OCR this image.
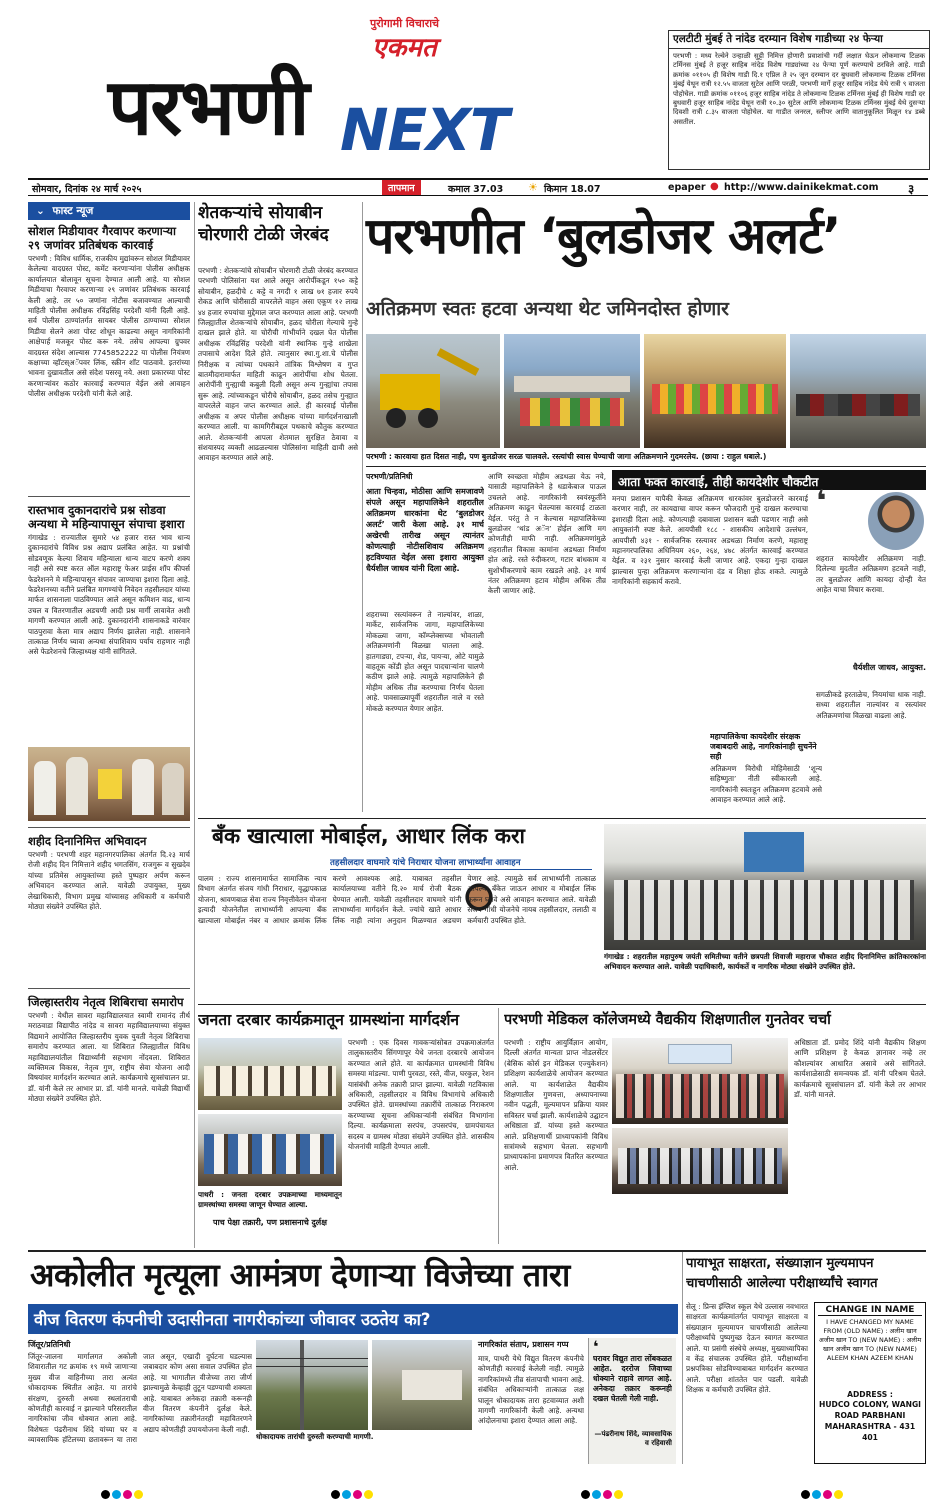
पुरोगामी विचाराचे
एकमत
परभणी NEXT
एलटीटी मुंबई ते नांदेड दरम्यान विशेष गाडीच्या २४ फेऱ्या
परभणी : मध्य रेल्वेने उन्हाळी सुट्टी निमित्त होणारी प्रवाशांची गर्दी लक्षात घेऊन लोकमान्य टिळक टर्मिनस मुंबई ते हजूर साहिब नांदेड विशेष गाड्यांच्या २४ फेऱ्या पूर्ण करण्याचे ठरविले आहे. गाडी क्रमांक ०११०५ ही विशेष गाडी दि.१ एप्रिल ते २५ जून दरम्यान दर बुधवारी लोकमान्य टिळक टर्मिनस मुंबई येथून रात्री १२.५५ वाजता सुटेल आणि परळी, परभणी मार्गे हजूर साहिब नांदेड येथे रात्री ९ वाजता पोहोचेल. गाडी क्रमांक ०११०६ हजूर साहिब नांदेड ते लोकमान्य टिळक टर्मिनस मुंबई ही विशेष गाडी दर बुधवारी हजूर साहिब नांदेड येथून रात्री १०.३० सुटेल आणि लोकमान्य टिळक टर्मिनस मुंबई येथे दुसऱ्या दिवशी रात्री ८.३५ वाजता पोहोचेल. या गाडीत जनरल, स्लीपर आणि वातानुकूलित मिळून १४ डब्बे असतील.
सोमवार, दिनांक २४ मार्च २०२५	तापमान	कमाल 37.03 ☀ किमान 18.07	epaper ● http://www.dainikekmat.com ३
⌄ फास्ट न्यूज
सोशल मिडीयावर गैरवापर करणाऱ्या २९ जणांवर प्रतिबंधक कारवाई
परभणी : विविध धार्मिक, राजकीय मुद्यांवरून सोशल मिडीयावर केलेल्या वादग्रस्त पोस्ट, कमेंट करणाऱ्यांना पोलीस अधीक्षक कार्यालयात बोलावून सूचना देण्यात आली आहे. या सोशल मिडीयाचा गैरवापर करणाऱ्या २९ जणांवर प्रतिबंधक कारवाई केली आहे. तर ५० जणांना नोटीस बजावण्यात आल्याची माहिती पोलीस अधीक्षक रविंद्रसिंह परदेशी यांनी दिली आहे. सर्व पोलीस ठाण्यांतर्गत सायबर पोलीस ठाण्याच्या सोशल मिडीया सेलने अशा पोस्ट शोधून काढल्या असून नागरिकांनी आक्षेपार्ह मजकूर पोस्ट करू नये. तसेच आपल्या ग्रुपवर वादग्रस्त संदेश आल्यास 7745852222 या पोलीस नियंत्रण कक्षाच्या व्हॉटस्अॅपवर लिंक, स्क्रीन शॉट पाठवावे. इतरांच्या भावना दुखावतील असे संदेश पसरवू नये. अशा प्रकारच्या पोस्ट करणाऱ्यांवर कठोर कारवाई करण्यात येईल असे आवाहन पोलीस अधीक्षक परदेशी यांनी केले आहे.
रास्तभाव दुकानदारांचे प्रश्न सोडवा अन्यथा मे महिन्यापासून संपाचा इशारा
गंगाखेड : राज्यातील सुमारे ५४ हजार रास्त भाव धान्य दुकानदारांचे विविध प्रश्न अद्याप प्रलंबित आहेत. या प्रश्नांची सोडवणूक केल्या शिवाय महिन्याला धान्य वाटप करणे शक्य नाही असे स्पष्ट करत ऑल महाराष्ट्र फेअर प्राईस शॉप कीपर्स फेडरेशनने मे महिन्यापासून संपावर जाण्याचा इशारा दिला आहे. फेडरेशनच्या वतीने प्रलंबित मागण्यांचे निवेदन तहसीलदार यांच्या मार्फत शासनाला पाठविण्यात आले असून कमिशन वाढ, धान्य उचल व वितरणातील अडचणी आदी प्रश्न मार्गी लावावेत अशी मागणी करण्यात आली आहे. दुकानदारांनी शासनाकडे वारंवार पाठपुरावा केला मात्र अद्याप निर्णय झालेला नाही. शासनाने तात्काळ निर्णय घ्यावा अन्यथा संपाशिवाय पर्याय राहणार नाही असे फेडरेशनचे जिल्हाध्यक्ष यांनी सांगितले.
शहीद दिनानिमित्त अभिवादन
परभणी : परभणी शहर महानगरपालिका अंतर्गत दि.२३ मार्च रोजी शहीद दिन निमित्ताने शहीद भगतसिंग, राजगुरू व सुखदेव यांच्या प्रतिमेस आयुक्तांच्या हस्ते पुष्पहार अर्पण करून अभिवादन करण्यात आले. यावेळी उपायुक्त, मुख्य लेखाधिकारी, विभाग प्रमुख यांच्यासह अधिकारी व कर्मचारी मोठ्या संख्येने उपस्थित होते.
जिल्हास्तरीय नेतृत्व शिबिराचा समारोप
परभणी : येथील सावरा महाविद्यालयात स्वामी रामानंद तीर्थ मराठवाडा विद्यापीठ नांदेड व सावरा महाविद्यालयाच्या संयुक्त विद्यमाने आयोजित जिल्हास्तरीय युवक युवती नेतृत्व शिबिराचा समारोप करण्यात आला. या शिबिरात जिल्ह्यातील विविध महाविद्यालयांतील विद्यार्थ्यांनी सहभाग नोंदवला. शिबिरात व्यक्तिमत्व विकास, नेतृत्व गुण, राष्ट्रीय सेवा योजना आदी विषयांवर मार्गदर्शन करण्यात आले. कार्यक्रमाचे सूत्रसंचालन प्रा. डॉ. यांनी केले तर आभार प्रा. डॉ. यांनी मानले. यावेळी विद्यार्थी मोठ्या संख्येने उपस्थित होते.
शेतकऱ्यांचे सोयाबीन चोरणारी टोळी जेरबंद
परभणी : शेतकऱ्यांचे सोयाबीन चोरणारी टोळी जेरबंद करण्यात परभणी पोलिसांना यश आले असून आरोपींकडून १५० कट्टे सोयाबीन, हळदीचे ८ कट्टे व नगदी १ लाख ७१ हजार रुपये रोकड आणि चोरीसाठी वापरलेले वाहन असा एकूण १२ लाख ४४ हजार रुपयांचा मुद्देमाल जप्त करण्यात आला आहे. परभणी जिल्ह्यातील शेतकऱ्यांचे सोयाबीन, हळद चोरीला गेल्याचे गुन्हे दाखल झाले होते. या चोरीची गांभीर्याने दखल घेत पोलीस अधीक्षक रविंद्रसिंह परदेशी यांनी स्थानिक गुन्हे शाखेला तपासाचे आदेश दिले होते. त्यानुसार स्था.गु.शा.चे पोलीस निरीक्षक व त्यांच्या पथकाने तांत्रिक विश्लेषण व गुप्त बातमीदारामार्फत माहिती काढून आरोपींचा शोध घेतला. आरोपींनी गुन्ह्याची कबुली दिली असून अन्य गुन्ह्यांचा तपास सुरू आहे. त्यांच्याकडून चोरीचे सोयाबीन, हळद तसेच गुन्ह्यात वापरलेले वाहन जप्त करण्यात आले. ही कारवाई पोलीस अधीक्षक व अपर पोलीस अधीक्षक यांच्या मार्गदर्शनाखाली करण्यात आली. या कामगिरीबद्दल पथकाचे कौतुक करण्यात आले. शेतकऱ्यांनी आपला शेतमाल सुरक्षित ठेवावा व संशयास्पद व्यक्ती आढळल्यास पोलिसांना माहिती द्यावी असे आवाहन करण्यात आले आहे.
परभणीत ‘बुलडोजर अलर्ट’
अतिक्रमण स्वतः हटवा अन्यथा थेट जमिनदोस्त होणार
परभणी : कारवाया हात दिसत नाही, पण बुलडोजर सरळ चालवले. रस्त्यांची स्वास घेण्याची जागा अतिक्रमणाने गुदमरलेय. (छाया : राहुल धबाले.)
परभणी/प्रतिनिधी
आता चिन्हवा, मोठीसा आणि समजावणे संपले असून महापालिकेने शहरातील अतिक्रमण धारकांना थेट ‘बुलडोजर अलर्ट’ जारी केला आहे. ३१ मार्च अखेरची तारीख असून त्यानंतर कोणत्याही नोटीसशिवाय अतिक्रमण हटविण्यात येईल असा इशारा आयुक्त धैर्यशील जाधव यांनी दिला आहे.
शहराच्या रस्त्यांवरून ते नाल्यांवर, शाळा, मार्केट, सार्वजनिक जागा, महापालिकेच्या मोकळ्या जागा, कॉम्प्लेक्सच्या भोवताली अतिक्रमणांनी विळखा घातला आहे. हातगाड्या, टपऱ्या, शेड, पायऱ्या, ओटे यामुळे वाहतूक कोंडी होत असून पादचाऱ्यांना चालणे कठीण झाले आहे. त्यामुळे महापालिकेने ही मोहीम अधिक तीव्र करण्याचा निर्णय घेतला आहे. पावसाळ्यापूर्वी शहरातील नाले व रस्ते मोकळे करण्यात येणार आहेत.
आणि स्वच्छता मोहीम अडथळा येऊ नये, यासाठी महापालिकेने हे धडाकेबाज पाऊल उचलले आहे. नागरिकांनी स्वयंस्फूर्तीने अतिक्रमण काढून घेतल्यास कारवाई टाळता येईल. परंतु ते न केल्यास महापालिकेच्या बुलडोजर ‘थांड अॅन’ होईल आणि मग कोणतीही माफी नाही. अतिक्रमणांमुळे शहरातील विकास कामांना अडथळा निर्माण होत आहे. रस्ते रुंदीकरण, गटार बांधकाम व सुशोभीकरणाचे काम रखडले आहे. ३१ मार्च नंतर अतिक्रमण हटाव मोहीम अधिक तीव्र केली जाणार आहे.
आता फक्त कारवाई, तीही कायदेशीर चौकटीत
मनपा प्रशासन यापैकी केवळ अतिक्रमण धारकांवर बुलडोजरने कारवाई करणार नाही, तर कायद्याचा वापर करून फौजदारी गुन्हे दाखल करण्याचा इशाराही दिला आहे. कोणत्याही दबावाला प्रशासन बळी पडणार नाही असे आयुक्तांनी स्पष्ट केले. आयपीसी १८८ - शासकीय आदेशाचे उल्लंघन, आयपीसी ४३१ - सार्वजनिक रस्त्यावर अडथळा निर्माण करणे, महाराष्ट्र महानगरपालिका अधिनियम २६०, २६४, ४७८ अंतर्गत कारवाई करण्यात येईल. व २३१ नुसार कारवाई केली जाणार आहे. एकदा गुन्हा दाखल झाल्यास पुन्हा अतिक्रमण करणाऱ्यांना दंड व शिक्षा होऊ शकते. त्यामुळे नागरिकांनी सहकार्य करावे.
❛
शहरात कायदेशीर अतिक्रमण नाही. दिलेल्या मुदतीत अतिक्रमण हटवले नाही, तर बुलडोजर आणि कायदा दोन्ही येत आहेत याचा विचार करावा.
धैर्यशील जाधव, आयुक्त.
सगळीकडे हरताळेच, नियमांचा धाक नाही. सध्या शहरातील नाल्यांवर व रस्त्यांवर अतिक्रमणांचा विळखा वाढला आहे.
महापालिकेचा कायदेशीर संरक्षक जबाबदारी आहे, नागरिकांनाही सुचनेंने सही
अतिक्रमण विरोधी मोहिमेसाठी ‘शून्य सहिष्णुता’ नीती स्वीकारली आहे. नागरिकांनी स्वतःहून अतिक्रमण हटवावे असे आवाहन करण्यात आले आहे.
बँक खात्याला मोबाईल, आधार लिंक करा
तहसीलदार वाघमारे यांचे निराधार योजना लाभार्थ्यांना आवाहन
पालम : राज्य शासनामार्फत सामाजिक न्याय विभाग अंतर्गत संजय गांधी निराधार, वृद्धापकाळ योजना, श्रावणबाळ सेवा राज्य निवृत्तीवेतन योजना इत्यादी योजनेतील लाभार्थ्यांनी आपल्या बँक खात्याला मोबाईल नंबर व आधार क्रमांक लिंक करणे आवश्यक आहे. याबाबत तहसील कार्यालयाच्या वतीने दि.२० मार्च रोजी बैठक घेण्यात आली. यावेळी तहसीलदार वाघमारे यांनी लाभार्थ्यांना मार्गदर्शन केले. ज्यांचे खाते आधार लिंक नाही त्यांना अनुदान मिळण्यात अडचण येणार आहे. त्यामुळे सर्व लाभार्थ्यांनी तात्काळ आपल्या बँकेत जाऊन आधार व मोबाईल लिंक करून घ्यावे असे आवाहन करण्यात आले. यावेळी संजय गांधी योजनेचे नायब तहसीलदार, तलाठी व कर्मचारी उपस्थित होते.
गंगाखेड : शहरातील महापुरुष जयंती समितीच्या वतीने छत्रपती शिवाजी महाराज चौकात शहीद दिनानिमित्त क्रांतिकारकांना अभिवादन करण्यात आले. यावेळी पदाधिकारी, कार्यकर्ते व नागरिक मोठ्या संख्येने उपस्थित होते.
जनता दरबार कार्यक्रमातून ग्रामस्थांना मार्गदर्शन
पाथरी : जनता दरबार उपक्रमाच्या माध्यमातून ग्रामस्थांच्या समस्या जाणून घेण्यात आल्या.
पाच पेक्षा तक्रारी, पण प्रशासनाचे दुर्लक्ष
परभणी : एक दिवस गावकऱ्यांसोबत उपक्रमाअंतर्गत तालुकास्तरीय सिंगणापूर येथे जनता दरबारचे आयोजन करण्यात आले होते. या कार्यक्रमात ग्रामस्थांनी विविध समस्या मांडल्या. पाणी पुरवठा, रस्ते, वीज, घरकुल, रेशन यासंबंधी अनेक तक्रारी प्राप्त झाल्या. यावेळी गटविकास अधिकारी, तहसीलदार व विविध विभागांचे अधिकारी उपस्थित होते. ग्रामस्थांच्या तक्रारींचे तात्काळ निराकरण करण्याच्या सूचना अधिकाऱ्यांनी संबंधित विभागांना दिल्या. कार्यक्रमाला सरपंच, उपसरपंच, ग्रामपंचायत सदस्य व ग्रामस्थ मोठ्या संख्येने उपस्थित होते. शासकीय योजनांची माहिती देण्यात आली.
परभणी मेडिकल कॉलेजमध्ये वैद्यकीय शिक्षणातील गुनतेवर चर्चा
परभणी : राष्ट्रीय आयुर्विज्ञान आयोग, दिल्ली अंतर्गत मान्यता प्राप्त नोडलसेंटर (बेसिक कोर्स इन मेडिकल एज्युकेशन) प्रशिक्षण कार्यशाळेचे आयोजन करण्यात आले. या कार्यशाळेत वैद्यकीय शिक्षणातील गुणवत्ता, अध्यापनाच्या नवीन पद्धती, मूल्यमापन प्रक्रिया यावर सविस्तर चर्चा झाली. कार्यशाळेचे उद्घाटन अधिष्ठाता डॉ. यांच्या हस्ते करण्यात आले. प्रशिक्षणार्थी प्राध्यापकांनी विविध सत्रांमध्ये सहभाग घेतला. सहभागी प्राध्यापकांना प्रमाणपत्र वितरित करण्यात आले.
अधिष्ठाता डॉ. प्रमोद शिंदे यांनी वैद्यकीय शिक्षण आणि प्रशिक्षण हे केवळ ज्ञानावर नव्हे तर कौशल्यांवर आधारित असावे असे सांगितले. कार्यशाळेसाठी समन्वयक डॉ. यांनी परिश्रम घेतले. कार्यक्रमाचे सूत्रसंचालन डॉ. यांनी केले तर आभार डॉ. यांनी मानले.
अकोलीत मृत्यूला आमंत्रण देणाऱ्या विजेच्या तारा
वीज वितरण कंपनीची उदासीनता नागरीकांच्या जीवावर उठतेय का?
जिंतूर/प्रतिनिधी
जिंतूर-जालना मार्गालगत अकोली शिवारातील गट क्रमांक १९ मध्ये जाणाऱ्या मुख्य वीज वाहिनीच्या तारा अत्यंत धोकादायक स्थितीत आहेत. या तारांचे संरक्षण, दुरुस्ती अथवा स्थलांतराची कोणतीही कारवाई न झाल्याने परिसरातील नागरिकांचा जीव धोक्यात आला आहे. विशेषतः पंढरीनाथ शिंदे यांच्या घर व व्यावसायिक हॉटेलच्या छतावरून या तारा जात असून, एखादी दुर्घटना घडल्यास जबाबदार कोण असा सवाल उपस्थित होत आहे. या भागातील वीजेच्या तारा जीर्ण झाल्यामुळे केव्हाही तुटून पडण्याची शक्यता आहे. याबाबत अनेकदा तक्रारी करूनही वीज वितरण कंपनीने दुर्लक्ष केले. नागरिकांच्या तक्रारीनंतरही महावितरणने अद्याप कोणतीही उपाययोजना केली नाही.
धोकादायक तारांची दुरुस्ती करण्याची मागणी.
नागरिकांत संताप, प्रशासन गप्प
मात्र, पाथरी येथे विद्युत वितरण कंपनीचे कोणतीही कारवाई केलेली नाही. त्यामुळे नागरिकांमध्ये तीव्र संतापाची भावना आहे. संबंधित अधिकाऱ्यांनी तात्काळ लक्ष घालून धोकादायक तारा हटवाव्यात अशी मागणी नागरिकांनी केली आहे. अन्यथा आंदोलनाचा इशारा देण्यात आला आहे.
❛
घरावर विद्युत तारा लोंबकळत आहेत. दररोज जिवाच्या धोक्याने राहावे लागत आहे. अनेकदा तक्रार करूनही दखल घेतली गेली नाही.
—पंढरीनाथ शिंदे, व्यावसायिक व रहिवासी
पायाभूत साक्षरता, संख्याज्ञान मुल्यमापन चाचणीसाठी आलेल्या परीक्षार्थ्यांचे स्वागत
सेलू : प्रिन्स इंग्लिश स्कूल येथे उल्लास नवभारत साक्षरता कार्यक्रमांतर्गत पायाभूत साक्षरता व संख्याज्ञान मूल्यमापन चाचणीसाठी आलेल्या परीक्षार्थ्यांचे पुष्पगुच्छ देऊन स्वागत करण्यात आले. या प्रसंगी संस्थेचे अध्यक्ष, मुख्याध्यापिका व केंद्र संचालक उपस्थित होते. परीक्षार्थ्यांना प्रश्नपत्रिका सोडविण्याबाबत मार्गदर्शन करण्यात आले. परीक्षा शांततेत पार पडली. यावेळी शिक्षक व कर्मचारी उपस्थित होते.
CHANGE IN NAME
I HAVE CHANGED MY NAME FROM (OLD NAME) : अलीम खान अजीम खान TO (NEW NAME) : अलीम खान अजीम खान TO (NEW NAME) ALEEM KHAN AZEEM KHAN
ADDRESS :
HUDCO COLONY, WANGI ROAD PARBHANI MAHARASHTRA - 431 401
